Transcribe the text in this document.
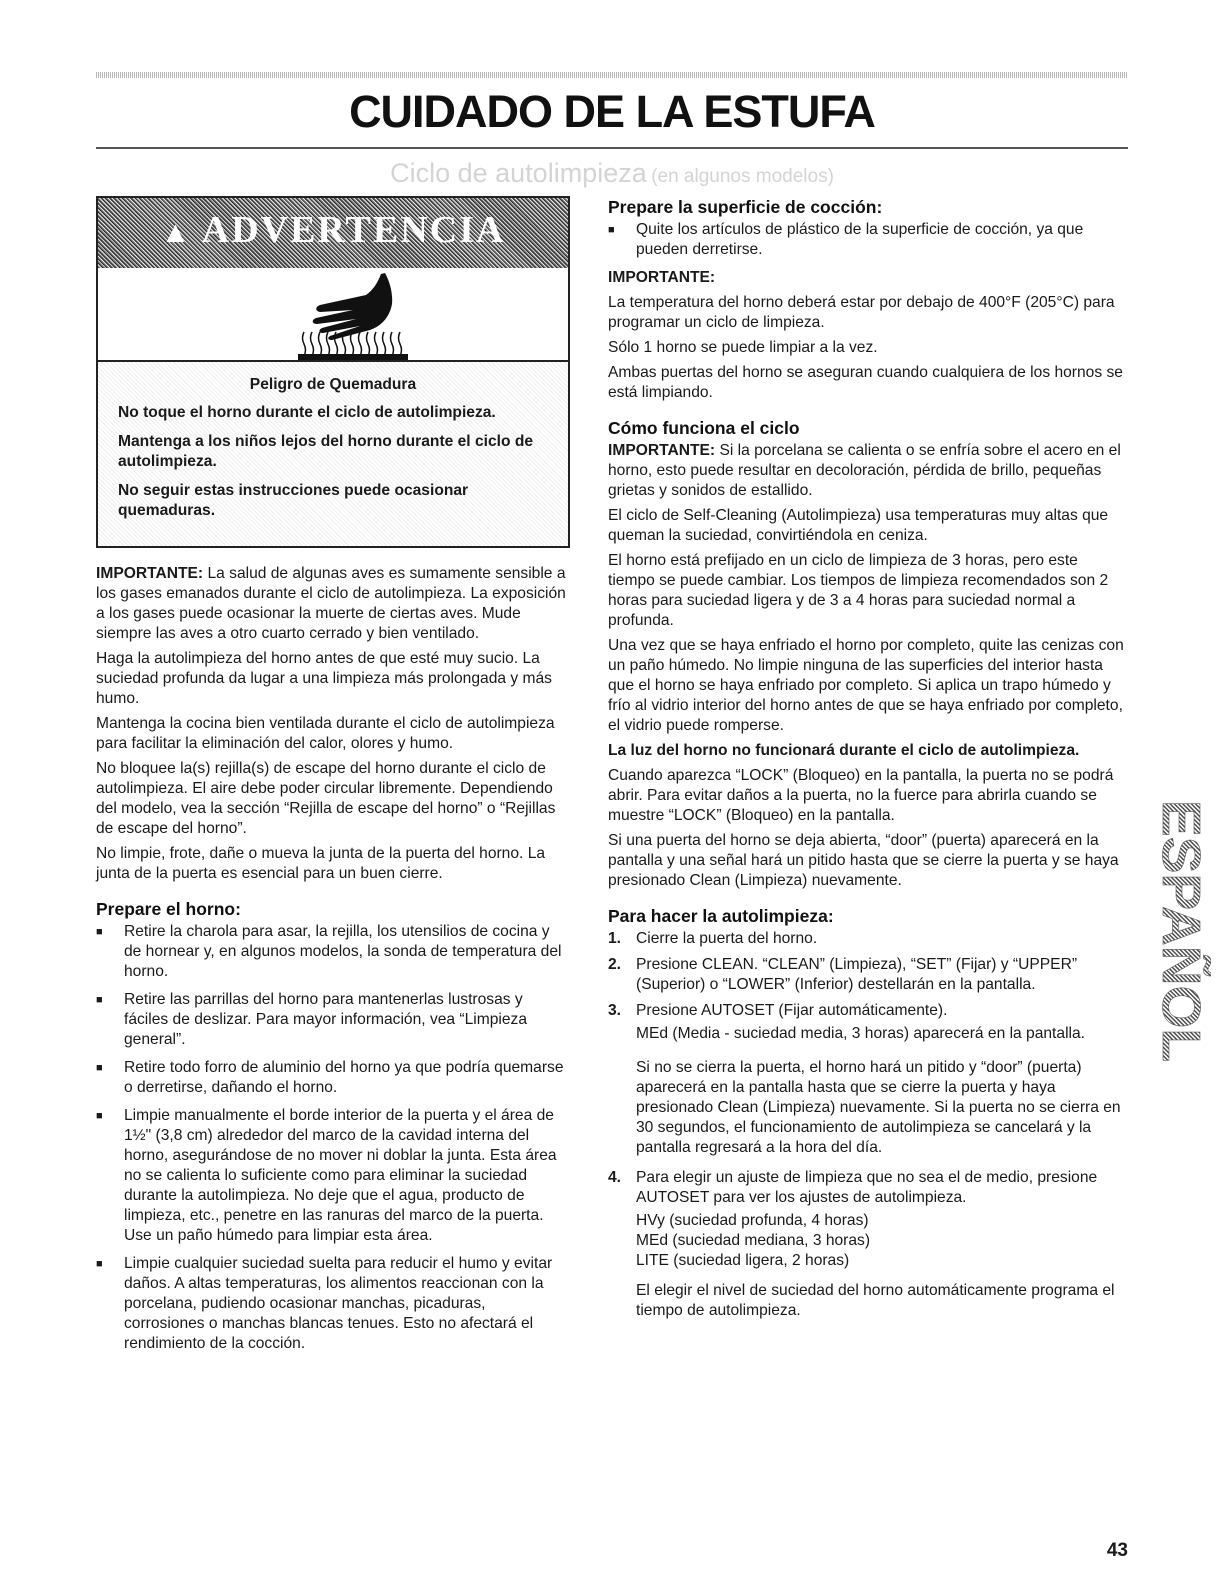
CUIDADO DE LA ESTUFA
Ciclo de autolimpieza (en algunos modelos)
▲ ADVERTENCIA
Peligro de Quemadura

No toque el horno durante el ciclo de autolimpieza.

Mantenga a los niños lejos del horno durante el ciclo de autolimpieza.

No seguir estas instrucciones puede ocasionar quemaduras.

IMPORTANTE: La salud de algunas aves es sumamente sensible a los gases emanados durante el ciclo de autolimpieza. La exposición a los gases puede ocasionar la muerte de ciertas aves. Mude siempre las aves a otro cuarto cerrado y bien ventilado.

Haga la autolimpieza del horno antes de que esté muy sucio. La suciedad profunda da lugar a una limpieza más prolongada y más humo.

Mantenga la cocina bien ventilada durante el ciclo de autolimpieza para facilitar la eliminación del calor, olores y humo.

No bloquee la(s) rejilla(s) de escape del horno durante el ciclo de autolimpieza. El aire debe poder circular libremente. Dependiendo del modelo, vea la sección “Rejilla de escape del horno” o “Rejillas de escape del horno”.

No limpie, frote, dañe o mueva la junta de la puerta del horno. La junta de la puerta es esencial para un buen cierre.

Prepare el horno:
■	Retire la charola para asar, la rejilla, los utensilios de cocina y de hornear y, en algunos modelos, la sonda de temperatura del horno.
■	Retire las parrillas del horno para mantenerlas lustrosas y fáciles de deslizar. Para mayor información, vea “Limpieza general”.
■	Retire todo forro de aluminio del horno ya que podría quemarse o derretirse, dañando el horno.
■	Limpie manualmente el borde interior de la puerta y el área de 1½" (3,8 cm) alrededor del marco de la cavidad interna del horno, asegurándose de no mover ni doblar la junta. Esta área no se calienta lo suficiente como para eliminar la suciedad durante la autolimpieza. No deje que el agua, producto de limpieza, etc., penetre en las ranuras del marco de la puerta. Use un paño húmedo para limpiar esta área.
■	Limpie cualquier suciedad suelta para reducir el humo y evitar daños. A altas temperaturas, los alimentos reaccionan con la porcelana, pudiendo ocasionar manchas, picaduras, corrosiones o manchas blancas tenues. Esto no afectará el rendimiento de la cocción.
Prepare la superficie de cocción:
■	Quite los artículos de plástico de la superficie de cocción, ya que pueden derretirse.

IMPORTANTE:

La temperatura del horno deberá estar por debajo de 400°F (205°C) para programar un ciclo de limpieza.

Sólo 1 horno se puede limpiar a la vez.

Ambas puertas del horno se aseguran cuando cualquiera de los hornos se está limpiando.

Cómo funciona el ciclo

IMPORTANTE: Si la porcelana se calienta o se enfría sobre el acero en el horno, esto puede resultar en decoloración, pérdida de brillo, pequeñas grietas y sonidos de estallido.

El ciclo de Self-Cleaning (Autolimpieza) usa temperaturas muy altas que queman la suciedad, convirtiéndola en ceniza.

El horno está prefijado en un ciclo de limpieza de 3 horas, pero este tiempo se puede cambiar. Los tiempos de limpieza recomendados son 2 horas para suciedad ligera y de 3 a 4 horas para suciedad normal a profunda.

Una vez que se haya enfriado el horno por completo, quite las cenizas con un paño húmedo. No limpie ninguna de las superficies del interior hasta que el horno se haya enfriado por completo. Si aplica un trapo húmedo y frío al vidrio interior del horno antes de que se haya enfriado por completo, el vidrio puede romperse.

La luz del horno no funcionará durante el ciclo de autolimpieza.

Cuando aparezca “LOCK” (Bloqueo) en la pantalla, la puerta no se podrá abrir. Para evitar daños a la puerta, no la fuerce para abrirla cuando se muestre “LOCK” (Bloqueo) en la pantalla.

Si una puerta del horno se deja abierta, “door” (puerta) aparecerá en la pantalla y una señal hará un pitido hasta que se cierre la puerta y se haya presionado Clean (Limpieza) nuevamente.

Para hacer la autolimpieza:
1. Cierre la puerta del horno.
2. Presione CLEAN. “CLEAN” (Limpieza), “SET” (Fijar) y “UPPER” (Superior) o “LOWER” (Inferior) destellarán en la pantalla.
3. Presione AUTOSET (Fijar automáticamente).

MEd (Media - suciedad media, 3 horas) aparecerá en la pantalla.

Si no se cierra la puerta, el horno hará un pitido y “door” (puerta) aparecerá en la pantalla hasta que se cierre la puerta y haya presionado Clean (Limpieza) nuevamente. Si la puerta no se cierra en 30 segundos, el funcionamiento de autolimpieza se cancelará y la pantalla regresará a la hora del día.

4. Para elegir un ajuste de limpieza que no sea el de medio, presione AUTOSET para ver los ajustes de autolimpieza.

HVy (suciedad profunda, 4 horas)
MEd (suciedad mediana, 3 horas)
LITE (suciedad ligera, 2 horas)

El elegir el nivel de suciedad del horno automáticamente programa el tiempo de autolimpieza.

ESPAÑOL
43
